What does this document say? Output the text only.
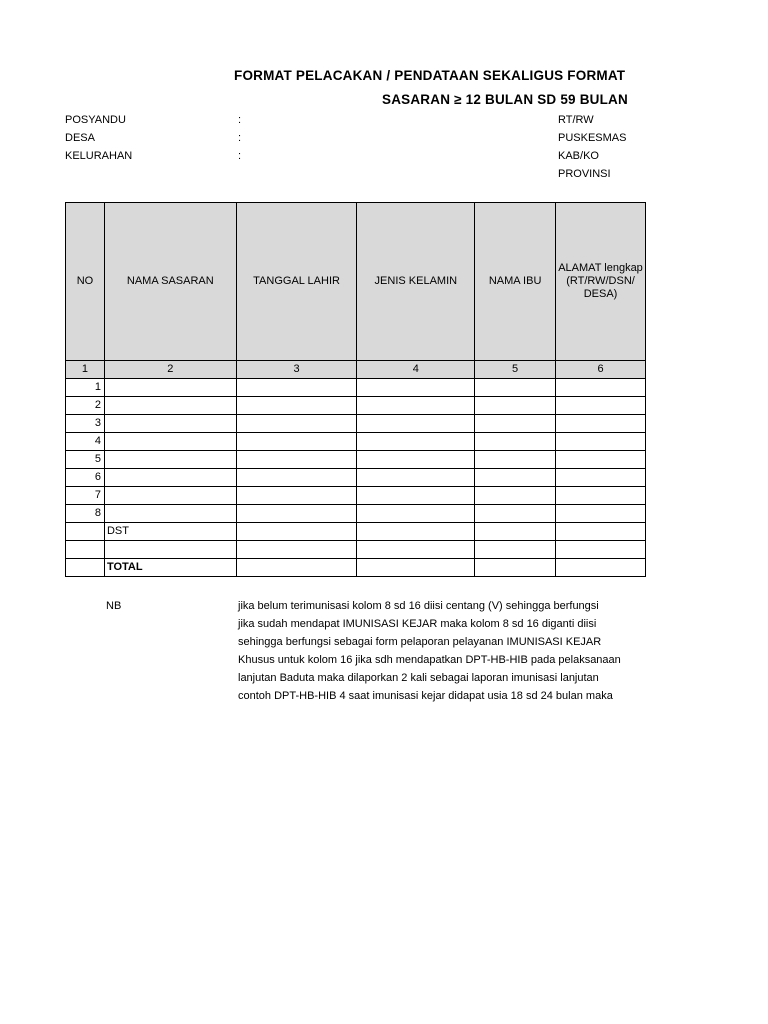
FORMAT PELACAKAN / PENDATAAN SEKALIGUS FORMAT
SASARAN ≥ 12 BULAN SD 59 BULAN
POSYANDU	:
DESA	:
KELURAHAN	:
RT/RW
PUSKESMAS
KAB/KO
PROVINSI
NO	NAMA SASARAN	TANGGAL LAHIR	JENIS KELAMIN	NAMA IBU	ALAMAT lengkap (RT/RW/DSN/ DESA)
1	2	3	4	5	6
1					
2					
3					
4					
5					
6					
7					
8					
	DST				

	TOTAL				
NB	jika belum terimunisasi kolom 8 sd 16 diisi centang (V) sehingga berfungsi
jika sudah mendapat IMUNISASI KEJAR maka kolom 8 sd 16 diganti diisi
sehingga berfungsi sebagai form pelaporan pelayanan IMUNISASI KEJAR
Khusus untuk kolom 16 jika sdh mendapatkan DPT-HB-HIB pada pelaksanaan
lanjutan Baduta maka dilaporkan 2 kali sebagai laporan imunisasi lanjutan
contoh DPT-HB-HIB 4 saat imunisasi kejar didapat usia 18 sd 24 bulan maka
